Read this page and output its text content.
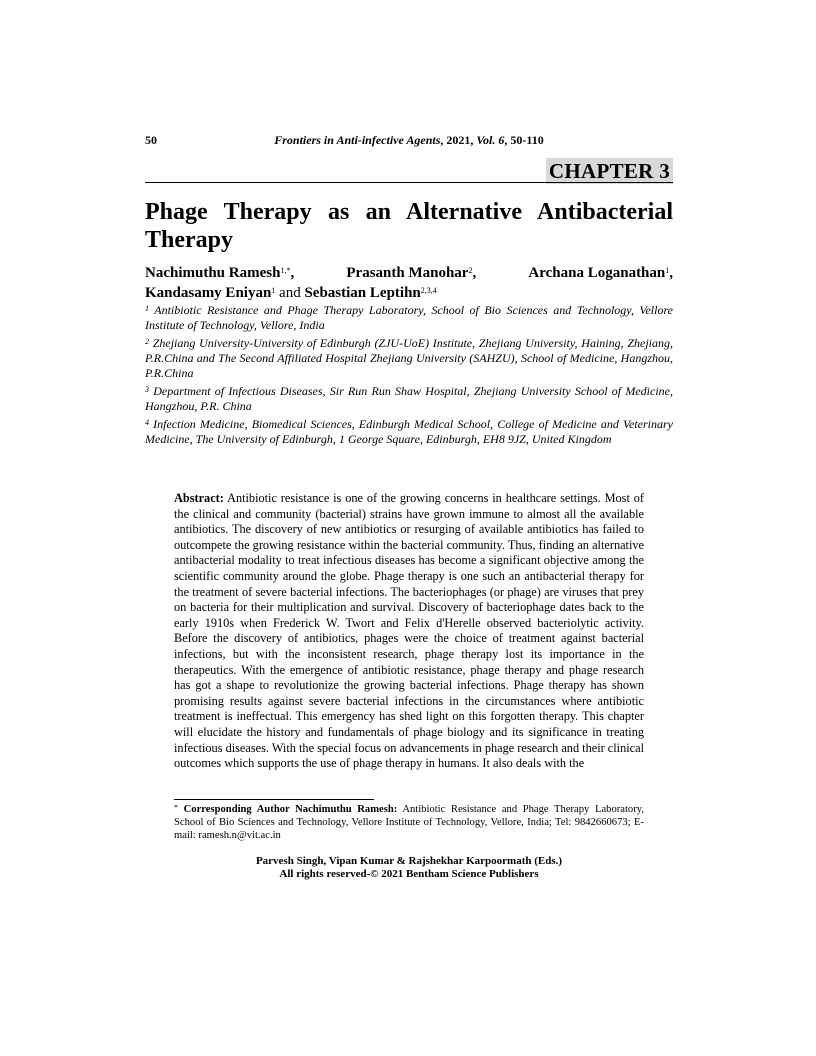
50	Frontiers in Anti-infective Agents, 2021, Vol. 6, 50-110
CHAPTER 3
Phage Therapy as an Alternative Antibacterial Therapy
Nachimuthu Ramesh$^{1,*}$,	Prasanth Manohar$^2$,	Archana Loganathan$^1$,
Kandasamy Eniyan$^1$ and Sebastian Leptihn$^{2,3,4}$

$^1$ Antibiotic Resistance and Phage Therapy Laboratory, School of Bio Sciences and Technology, Vellore Institute of Technology, Vellore, India

$^2$ Zhejiang University-University of Edinburgh (ZJU-UoE) Institute, Zhejiang University, Haining, Zhejiang, P.R.China and The Second Affiliated Hospital Zhejiang University (SAHZU), School of Medicine, Hangzhou, P.R.China

$^3$ Department of Infectious Diseases, Sir Run Run Shaw Hospital, Zhejiang University School of Medicine, Hangzhou, P.R. China

$^4$ Infection Medicine, Biomedical Sciences, Edinburgh Medical School, College of Medicine and Veterinary Medicine, The University of Edinburgh, 1 George Square, Edinburgh, EH8 9JZ, United Kingdom

Abstract: Antibiotic resistance is one of the growing concerns in healthcare settings. Most of the clinical and community (bacterial) strains have grown immune to almost all the available antibiotics. The discovery of new antibiotics or resurging of available antibiotics has failed to outcompete the growing resistance within the bacterial community. Thus, finding an alternative antibacterial modality to treat infectious diseases has become a significant objective among the scientific community around the globe. Phage therapy is one such an antibacterial therapy for the treatment of severe bacterial infections. The bacteriophages (or phage) are viruses that prey on bacteria for their multiplication and survival. Discovery of bacteriophage dates back to the early 1910s when Frederick W. Twort and Felix d'Herelle observed bacteriolytic activity. Before the discovery of antibiotics, phages were the choice of treatment against bacterial infections, but with the inconsistent research, phage therapy lost its importance in the therapeutics. With the emergence of antibiotic resistance, phage therapy and phage research has got a shape to revolutionize the growing bacterial infections. Phage therapy has shown promising results against severe bacterial infections in the circumstances where antibiotic treatment is ineffectual. This emergency has shed light on this forgotten therapy. This chapter will elucidate the history and fundamentals of phage biology and its significance in treating infectious diseases. With the special focus on advancements in phage research and their clinical outcomes which supports the use of phage therapy in humans. It also deals with the

* Corresponding Author Nachimuthu Ramesh: Antibiotic Resistance and Phage Therapy Laboratory, School of Bio Sciences and Technology, Vellore Institute of Technology, Vellore, India; Tel: 9842660673; E-mail: ramesh.n@vit.ac.in
Parvesh Singh, Vipan Kumar & Rajshekhar Karpoormath (Eds.)
All rights reserved-© 2021 Bentham Science Publishers
